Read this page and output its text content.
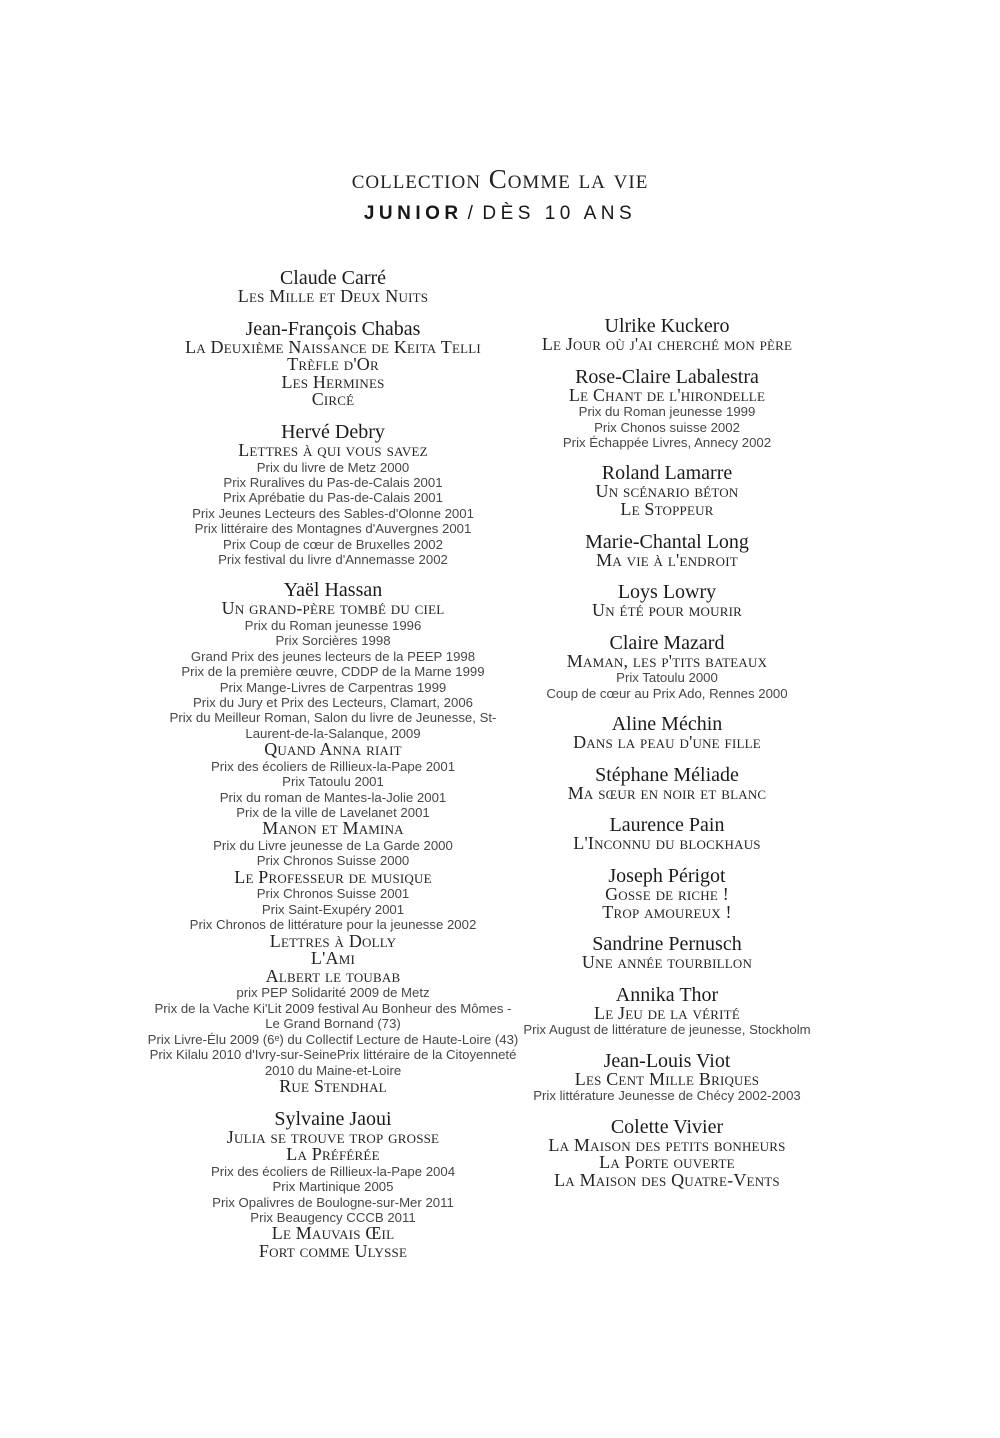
collection Comme la vie
JUNIOR / DÈS 10 ANS
Claude Carré
Les Mille et Deux Nuits
Jean-François Chabas
La Deuxième Naissance de Keita Telli
Trèfle d'Or
Les Hermines
Circé
Hervé Debry
Lettres à qui vous savez
Prix du livre de Metz 2000
Prix Ruralives du Pas-de-Calais 2001
Prix Aprébatie du Pas-de-Calais 2001
Prix Jeunes Lecteurs des Sables-d'Olonne 2001
Prix littéraire des Montagnes d'Auvergnes 2001
Prix Coup de cœur de Bruxelles 2002
Prix festival du livre d'Annemasse 2002
Yaël Hassan
Un grand-père tombé du ciel
Prix du Roman jeunesse 1996
Prix Sorcières 1998
Grand Prix des jeunes lecteurs de la PEEP 1998
Prix de la première œuvre, CDDP de la Marne 1999
Prix Mange-Livres de Carpentras 1999
Prix du Jury et Prix des Lecteurs, Clamart, 2006
Prix du Meilleur Roman, Salon du livre de Jeunesse, St-Laurent-de-la-Salanque, 2009
Quand Anna riait
Prix des écoliers de Rillieux-la-Pape 2001
Prix Tatoulu 2001
Prix du roman de Mantes-la-Jolie 2001
Prix de la ville de Lavelanet 2001
Manon et Mamina
Prix du Livre jeunesse de La Garde 2000
Prix Chronos Suisse 2000
Le Professeur de musique
Prix Chronos Suisse 2001
Prix Saint-Exupéry 2001
Prix Chronos de littérature pour la jeunesse 2002
Lettres à Dolly
L'Ami
Albert le toubab
prix PEP Solidarité 2009 de Metz
Prix de la Vache Ki'Lit 2009 festival Au Bonheur des Mômes - Le Grand Bornand (73)
Prix Livre-Élu 2009 (6ᵉ) du Collectif Lecture de Haute-Loire (43)
Prix Kilalu 2010 d'Ivry-sur-SeinePrix littéraire de la Citoyenneté 2010 du Maine-et-Loire
Rue Stendhal
Sylvaine Jaoui
Julia se trouve trop grosse
La Préférée
Prix des écoliers de Rillieux-la-Pape 2004
Prix Martinique 2005
Prix Opalivres de Boulogne-sur-Mer 2011
Prix Beaugency CCCB 2011
Le Mauvais Œil
Fort comme Ulysse
Ulrike Kuckero
Le Jour où j'ai cherché mon père
Rose-Claire Labalestra
Le Chant de l'hirondelle
Prix du Roman jeunesse 1999
Prix Chonos suisse 2002
Prix Échappée Livres, Annecy 2002
Roland Lamarre
Un scénario béton
Le Stoppeur
Marie-Chantal Long
Ma vie à l'endroit
Loys Lowry
Un été pour mourir
Claire Mazard
Maman, les p'tits bateaux
Prix Tatoulu 2000
Coup de cœur au Prix Ado, Rennes 2000
Aline Méchin
Dans la peau d'une fille
Stéphane Méliade
Ma sœur en noir et blanc
Laurence Pain
L'Inconnu du blockhaus
Joseph Périgot
Gosse de riche !
Trop amoureux !
Sandrine Pernusch
Une année tourbillon
Annika Thor
Le Jeu de la vérité
Prix August de littérature de jeunesse, Stockholm
Jean-Louis Viot
Les Cent Mille Briques
Prix littérature Jeunesse de Chécy 2002-2003
Colette Vivier
La Maison des petits bonheurs
La Porte ouverte
La Maison des Quatre-Vents
